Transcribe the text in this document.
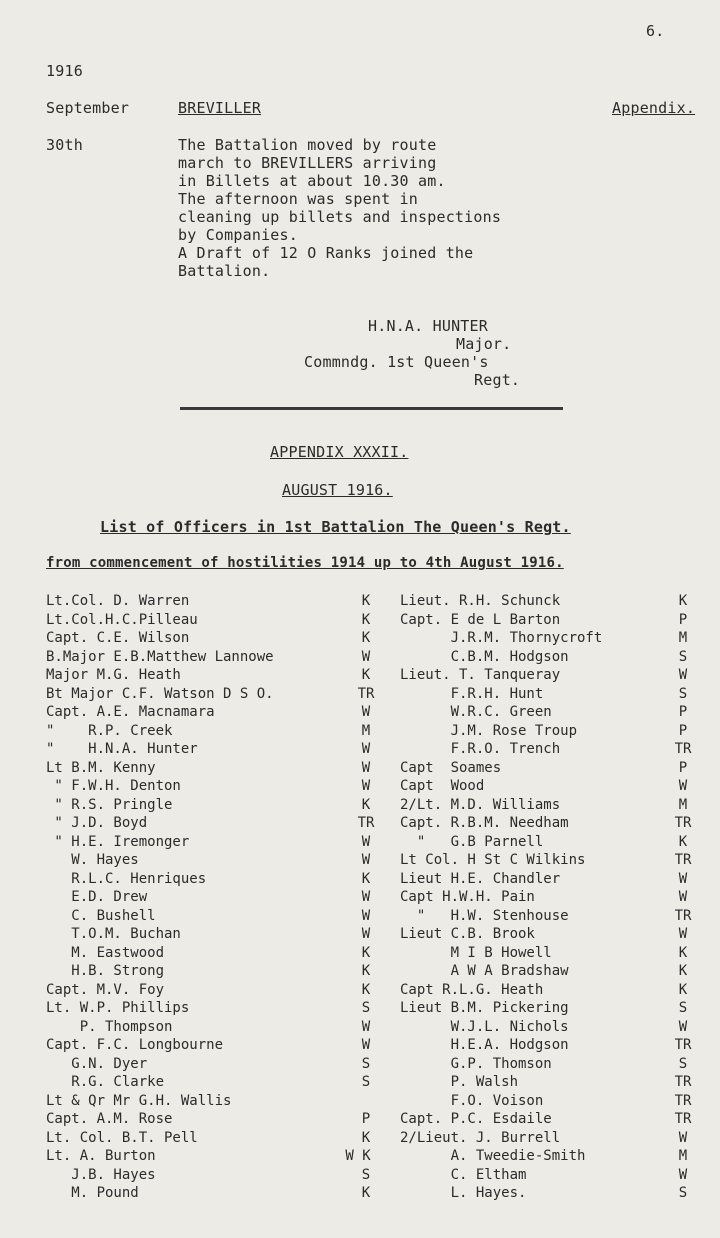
6.
1916
September	BREVILLER	Appendix.
30th	The Battalion moved by route
march to BREVILLERS arriving
in Billets at about 10.30 am.
The afternoon was spent in
cleaning up billets and inspections
by Companies.
A Draft of 12 O Ranks joined the
Battalion.
H.N.A. HUNTER
Major.
Commndg. 1st Queen's
Regt.
APPENDIX XXXII.
AUGUST 1916.
List of Officers in 1st Battalion The Queen's Regt.
from commencement of hostilities 1914 up to 4th August 1916.
Lt.Col. D. Warren	K
Lt.Col.H.C.Pilleau	K
Capt. C.E. Wilson	K
B.Major E.B.Matthew Lannowe	W
Major M.G. Heath	K
Bt Major C.F. Watson D S O.	TR
Capt. A.E. Macnamara	W
"    R.P. Creek	M
"    H.N.A. Hunter	W
Lt B.M. Kenny	W
" F.W.H. Denton	W
" R.S. Pringle	K
" J.D. Boyd	TR
" H.E. Iremonger	W
W. Hayes	W
R.L.C. Henriques	K
E.D. Drew	W
C. Bushell	W
T.O.M. Buchan	W
M. Eastwood	K
H.B. Strong	K
Capt. M.V. Foy	K
Lt. W.P. Phillips	S
P. Thompson	W
Capt. F.C. Longbourne	W
G.N. Dyer	S
R.G. Clarke	S
Lt & Qr Mr G.H. Wallis
Capt. A.M. Rose	P
Lt. Col. B.T. Pell	K
Lt. A. Burton	W K
J.B. Hayes	S
M. Pound	K
Lieut. R.H. Schunck	K
Capt. E de L Barton	P
J.R.M. Thornycroft	M
C.B.M. Hodgson	S
Lieut. T. Tanqueray	W
F.R.H. Hunt	S
W.R.C. Green	P
J.M. Rose Troup	P
F.R.O. Trench	TR
Capt  Soames	P
Capt  Wood	W
2/Lt. M.D. Williams	M
Capt. R.B.M. Needham	TR
"   G.B Parnell	K
Lt Col. H St C Wilkins	TR
Lieut H.E. Chandler	W
Capt H.W.H. Pain	W
"   H.W. Stenhouse	TR
Lieut C.B. Brook	W
M I B Howell	K
A W A Bradshaw	K
Capt R.L.G. Heath	K
Lieut B.M. Pickering	S
W.J.L. Nichols	W
H.E.A. Hodgson	TR
G.P. Thomson	S
P. Walsh	TR
F.O. Voison	TR
Capt. P.C. Esdaile	TR
2/Lieut. J. Burrell	W
A. Tweedie-Smith	M
C. Eltham	W
L. Hayes.	S
